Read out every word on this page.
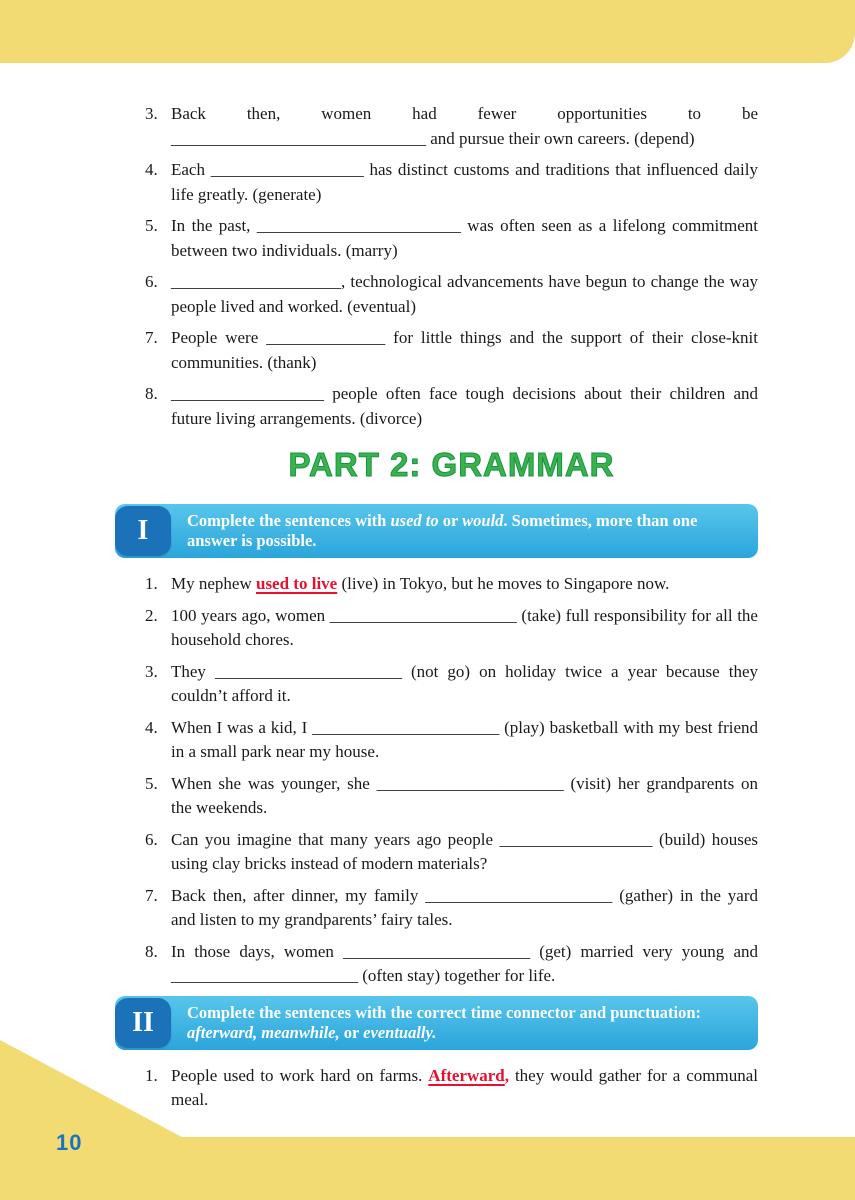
10
3. Back then, women had fewer opportunities to be ______________________________ and pursue their own careers. (depend)
4. Each __________________ has distinct customs and traditions that influenced daily life greatly. (generate)
5. In the past, ________________________ was often seen as a lifelong commitment between two individuals. (marry)
6. ____________________, technological advancements have begun to change the way people lived and worked. (eventual)
7. People were ______________ for little things and the support of their close-knit communities. (thank)
8. __________________ people often face tough decisions about their children and future living arrangements. (divorce)
PART 2: GRAMMAR
I	Complete the sentences with used to or would. Sometimes, more than one answer is possible.
1. My nephew used to live (live) in Tokyo, but he moves to Singapore now.
2. 100 years ago, women ______________________ (take) full responsibility for all the household chores.
3. They ______________________ (not go) on holiday twice a year because they couldn’t afford it.
4. When I was a kid, I ______________________ (play) basketball with my best friend in a small park near my house.
5. When she was younger, she ______________________ (visit) her grandparents on the weekends.
6. Can you imagine that many years ago people __________________ (build) houses using clay bricks instead of modern materials?
7. Back then, after dinner, my family ______________________ (gather) in the yard and listen to my grandparents’ fairy tales.
8. In those days, women ______________________ (get) married very young and ______________________ (often stay) together for life.
II	Complete the sentences with the correct time connector and punctuation: afterward, meanwhile, or eventually.
1. People used to work hard on farms. Afterward, they would gather for a communal meal.
